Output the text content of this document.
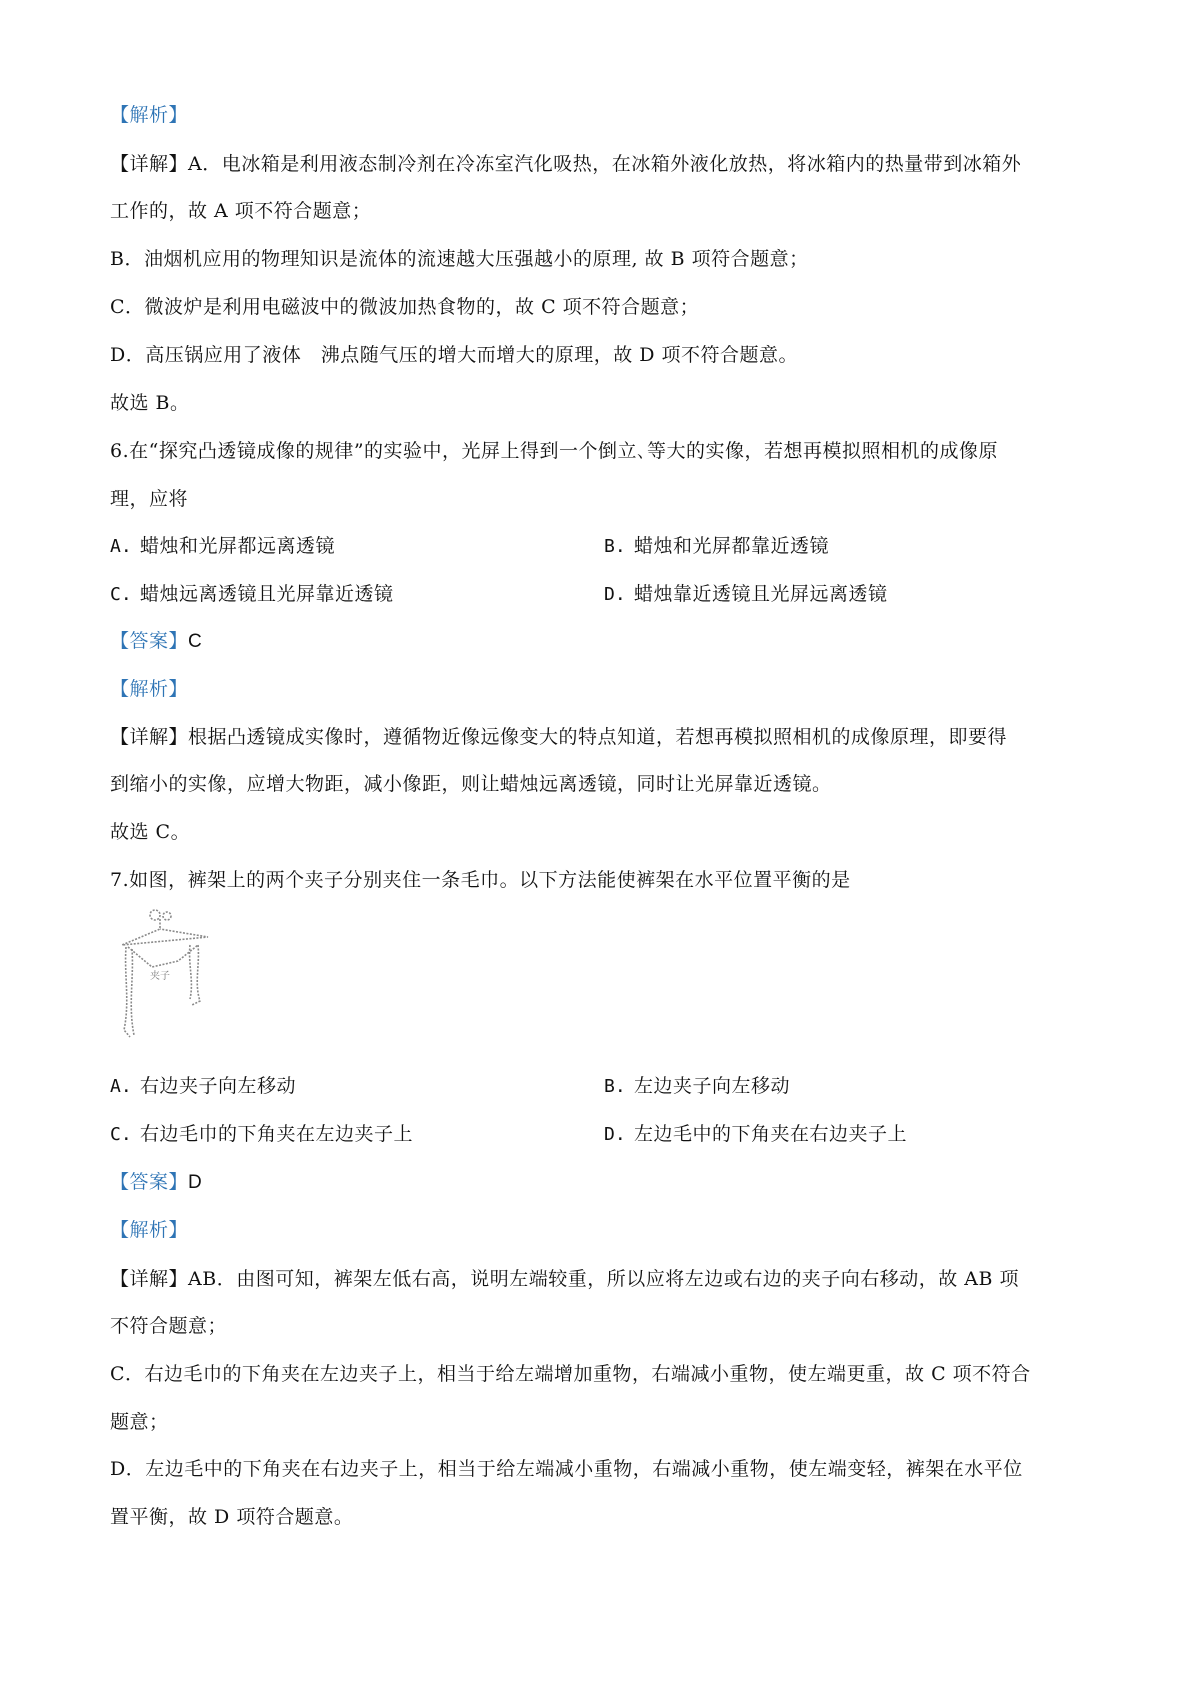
【解析】
【详解】A．电冰箱是利用液态制冷剂在冷冻室汽化吸热，在冰箱外液化放热，将冰箱内的热量带到冰箱外
工作的，故 A 项不符合题意；
B．油烟机应用的物理知识是流体的流速越大压强越小的原理, 故 B 项符合题意；
C．微波炉是利用电磁波中的微波加热食物的，故 C 项不符合题意；
D．高压锅应用了液体　沸点随气压的增大而增大的原理，故 D 项不符合题意。
故选 B。
6.在“探究凸透镜成像的规律”的实验中，光屏上得到一个倒立､等大的实像，若想再模拟照相机的成像原
理，应将
A. 蜡烛和光屏都远离透镜	B. 蜡烛和光屏都靠近透镜
C. 蜡烛远离透镜且光屏靠近透镜	D. 蜡烛靠近透镜且光屏远离透镜
【答案】C
【解析】
【详解】根据凸透镜成实像时，遵循物近像远像变大的特点知道，若想再模拟照相机的成像原理，即要得
到缩小的实像，应增大物距，减小像距，则让蜡烛远离透镜，同时让光屏靠近透镜。
故选 C。
7.如图，裤架上的两个夹子分别夹住一条毛巾。以下方法能使裤架在水平位置平衡的是
夹子
A. 右边夹子向左移动	B. 左边夹子向左移动
C. 右边毛巾的下角夹在左边夹子上	D. 左边毛中的下角夹在右边夹子上
【答案】D
【解析】
【详解】AB．由图可知，裤架左低右高，说明左端较重，所以应将左边或右边的夹子向右移动，故 AB 项
不符合题意；
C．右边毛巾的下角夹在左边夹子上，相当于给左端增加重物，右端减小重物，使左端更重，故 C 项不符合
题意；
D．左边毛中的下角夹在右边夹子上，相当于给左端减小重物，右端减小重物，使左端变轻，裤架在水平位
置平衡，故 D 项符合题意。
